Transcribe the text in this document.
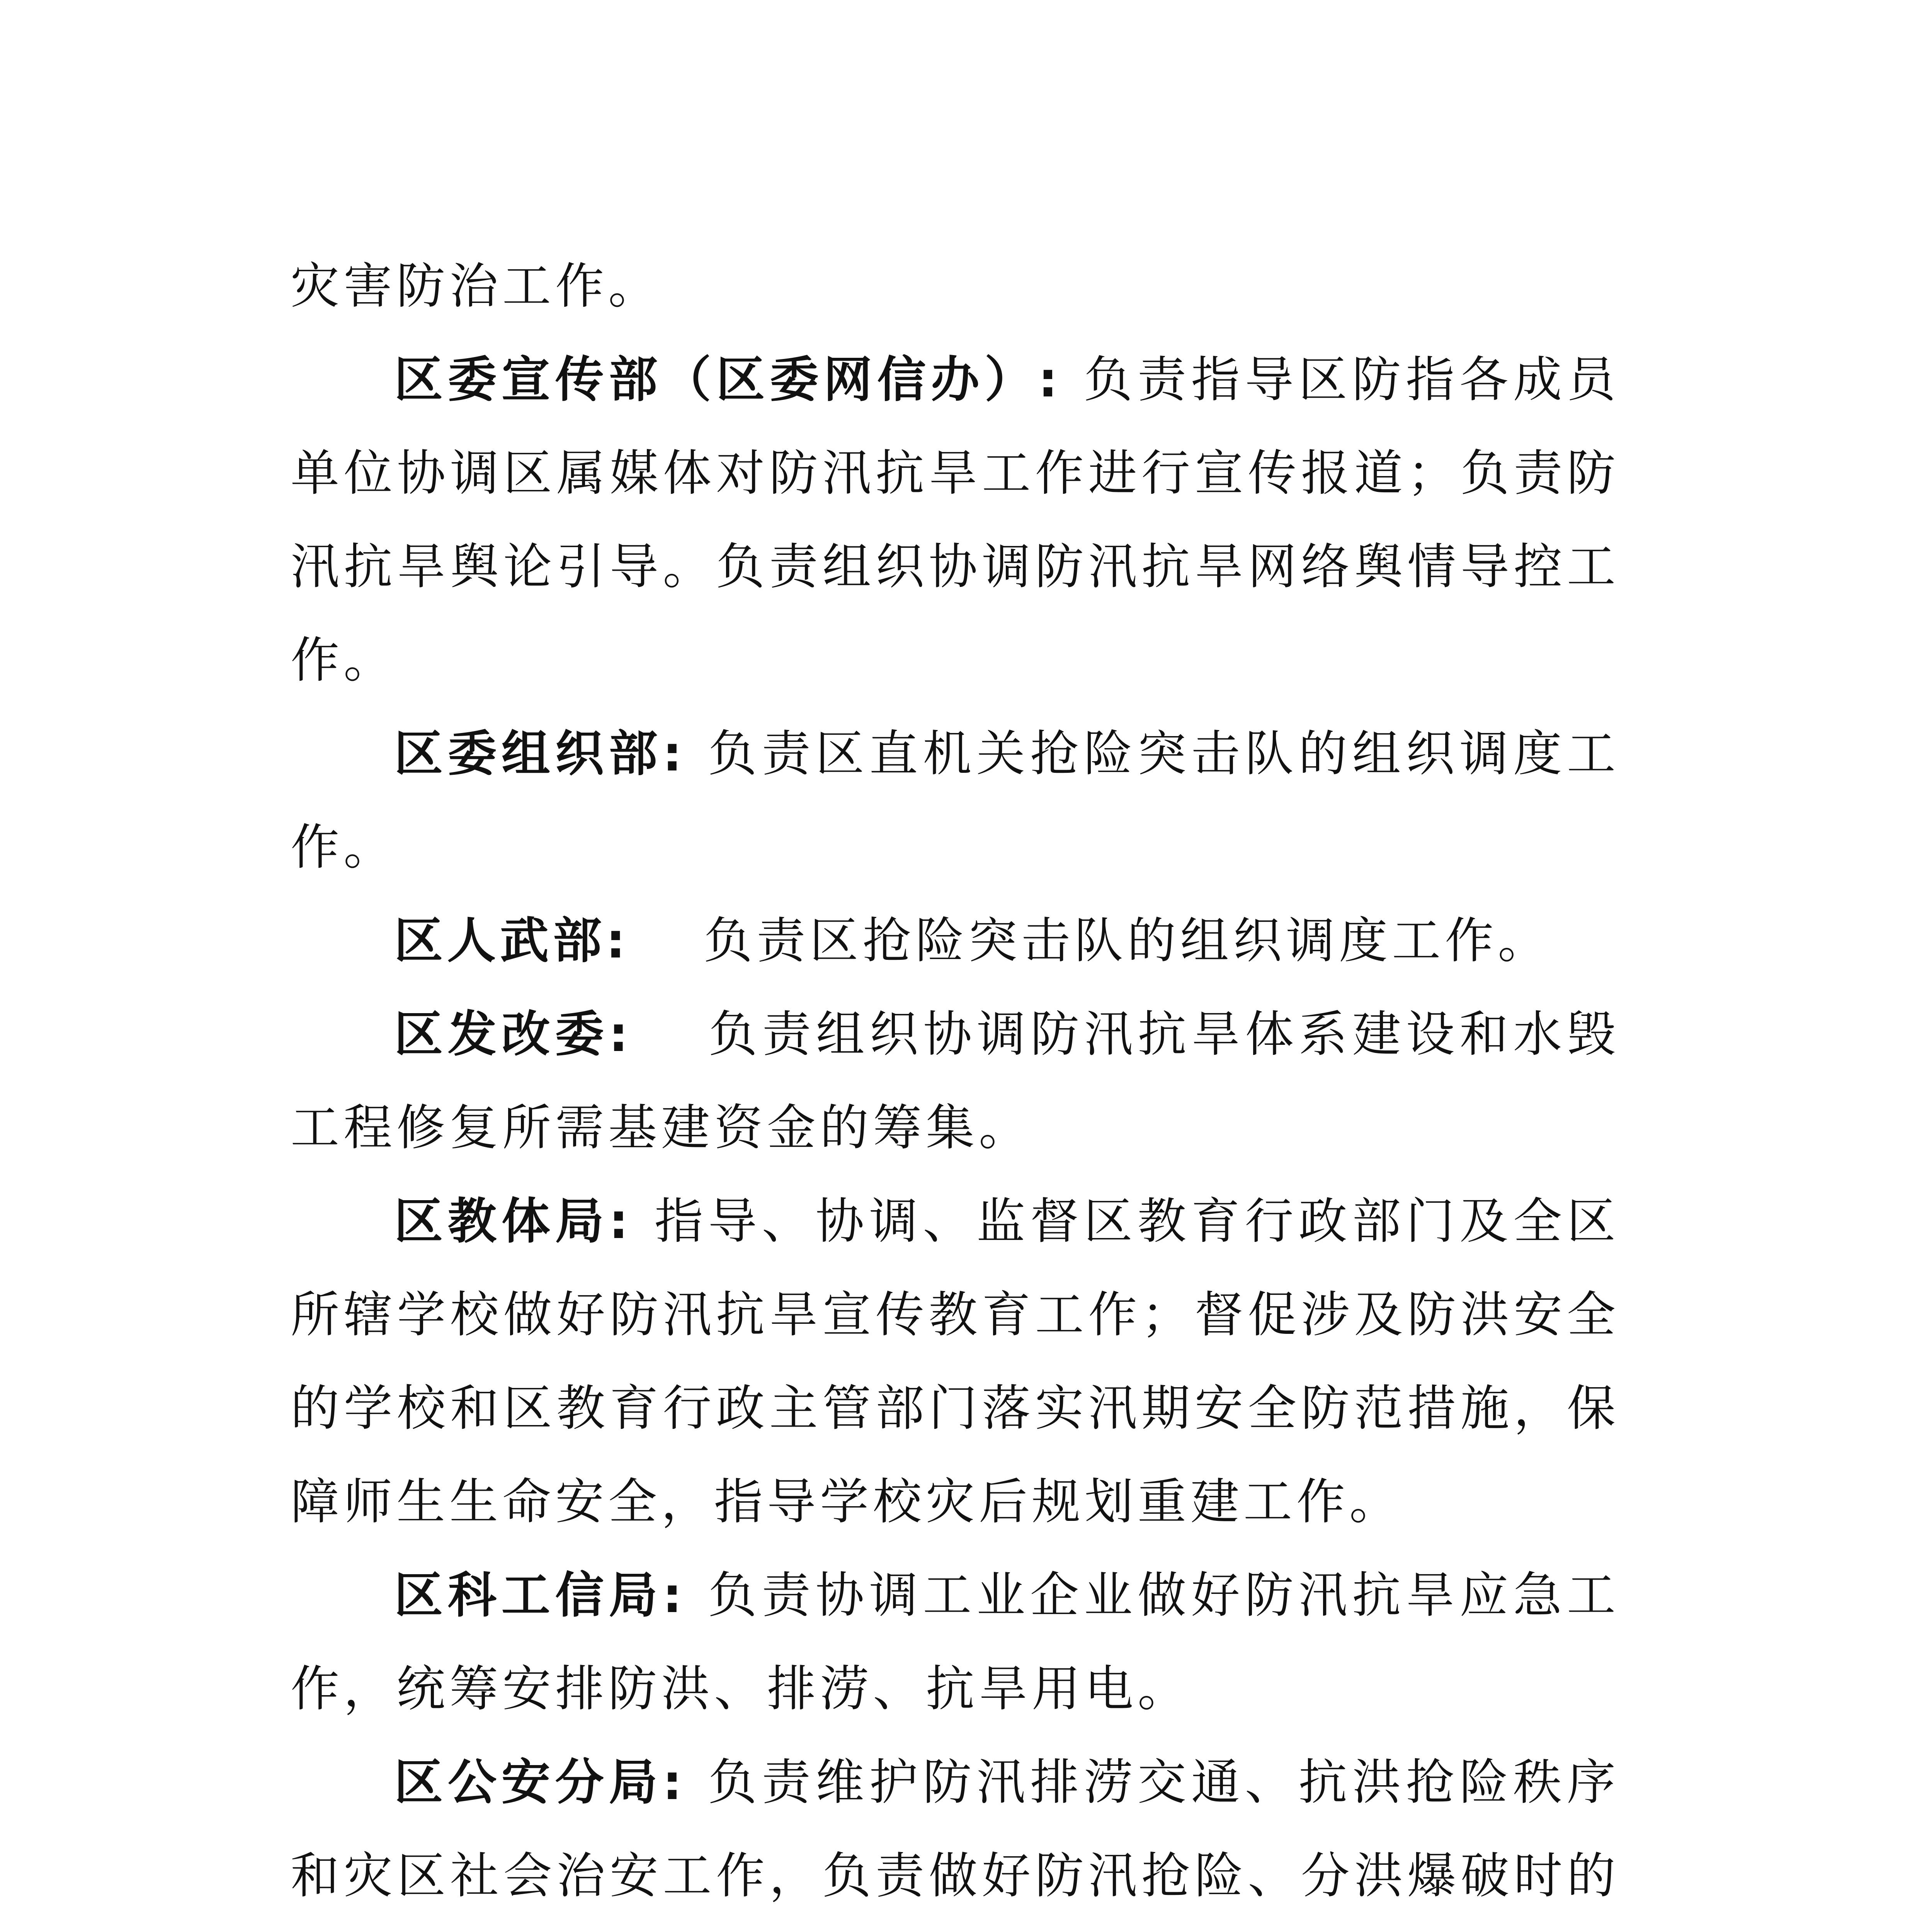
灾害防治工作。

区委宣传部（区委网信办）: 负责指导区防指各成员单位协调区属媒体对防汛抗旱工作进行宣传报道；负责防汛抗旱舆论引导。负责组织协调防汛抗旱网络舆情导控工作。

区委组织部: 负责区直机关抢险突击队的组织调度工作。

区人武部:　 负责区抢险突击队的组织调度工作。

区发改委:　 负责组织协调防汛抗旱体系建设和水毁工程修复所需基建资金的筹集。

区教体局: 指导、协调、监督区教育行政部门及全区所辖学校做好防汛抗旱宣传教育工作；督促涉及防洪安全的学校和区教育行政主管部门落实汛期安全防范措施，保障师生生命安全，指导学校灾后规划重建工作。

区科工信局: 负责协调工业企业做好防汛抗旱应急工作，统筹安排防洪、排涝、抗旱用电。

区公安分局: 负责维护防汛排涝交通、抗洪抢险秩序和灾区社会治安工作，负责做好防汛抢险、分洪爆破时的
